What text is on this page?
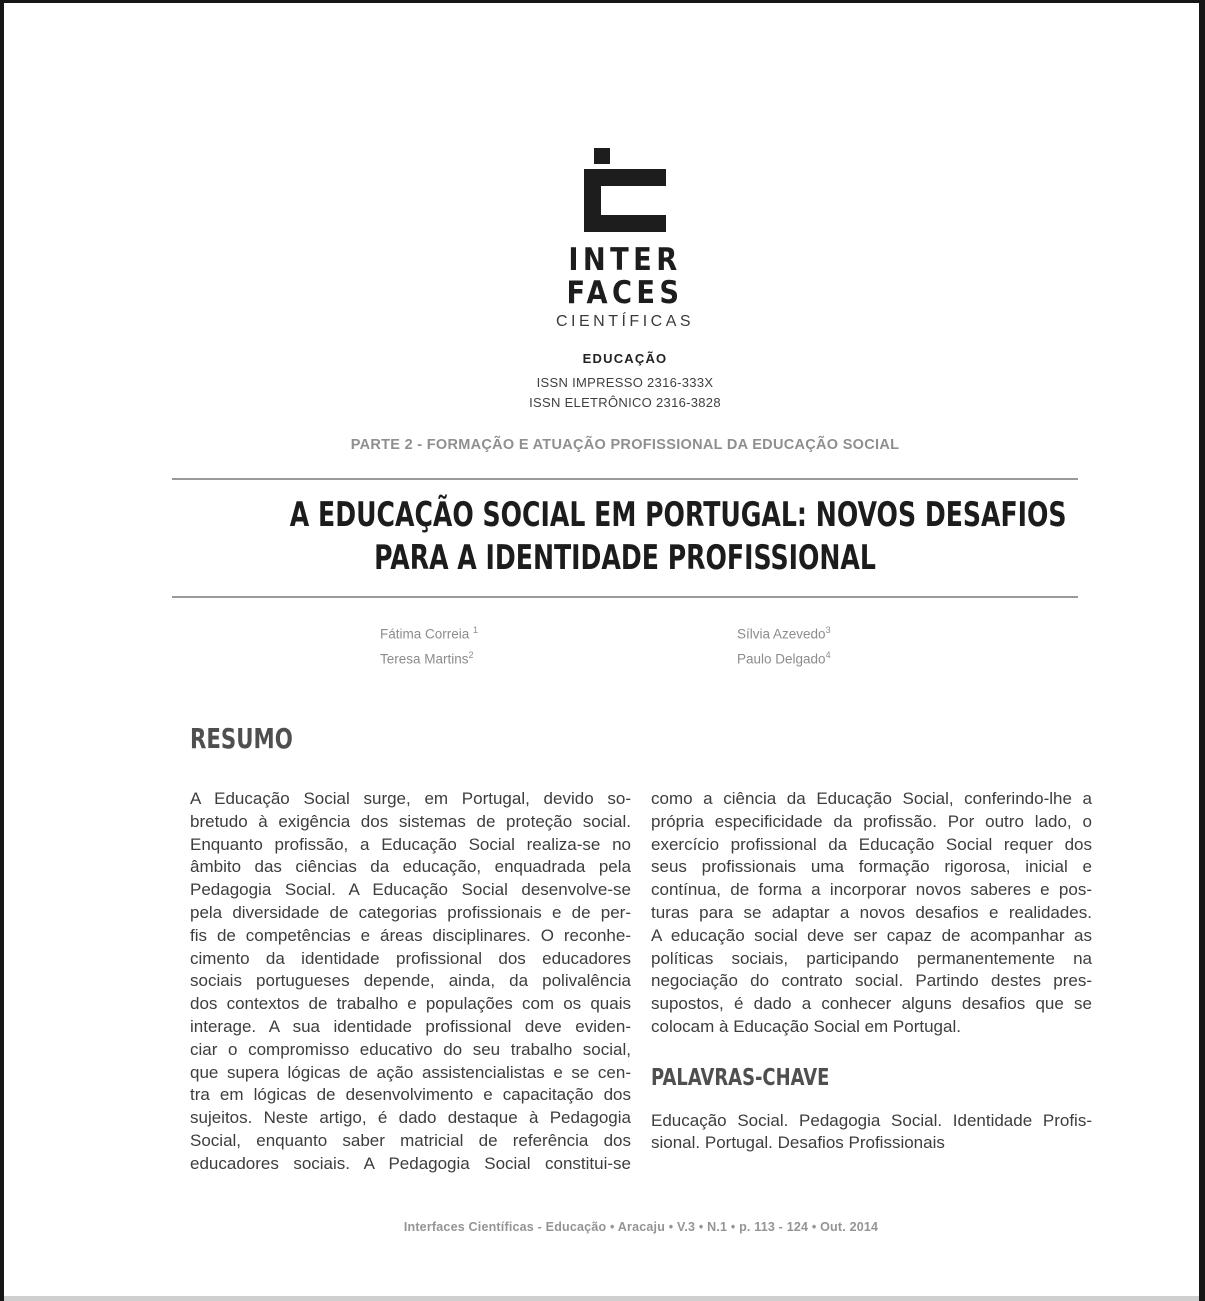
INTER
FACES
CIENTÍFICAS
EDUCAÇÃO
ISSN IMPRESSO 2316-333X
ISSN ELETRÔNICO 2316-3828
PARTE 2 - FORMAÇÃO E ATUAÇÃO PROFISSIONAL DA EDUCAÇÃO SOCIAL
A EDUCAÇÃO SOCIAL EM PORTUGAL: NOVOS DESAFIOS
PARA A IDENTIDADE PROFISSIONAL
Fátima Correia $^1$
Teresa Martins$^2$
Sílvia Azevedo$^3$
Paulo Delgado$^4$
RESUMO
A Educação Social surge, em Portugal, devido so-
bretudo à exigência dos sistemas de proteção social.
Enquanto profissão, a Educação Social realiza-se no
âmbito das ciências da educação, enquadrada pela
Pedagogia Social. A Educação Social desenvolve-se
pela diversidade de categorias profissionais e de per-
fis de competências e áreas disciplinares. O reconhe-
cimento da identidade profissional dos educadores
sociais portugueses depende, ainda, da polivalência
dos contextos de trabalho e populações com os quais
interage. A sua identidade profissional deve eviden-
ciar o compromisso educativo do seu trabalho social,
que supera lógicas de ação assistencialistas e se cen-
tra em lógicas de desenvolvimento e capacitação dos
sujeitos. Neste artigo, é dado destaque à Pedagogia
Social, enquanto saber matricial de referência dos
educadores sociais. A Pedagogia Social constitui-se
como a ciência da Educação Social, conferindo-lhe a
própria especificidade da profissão. Por outro lado, o
exercício profissional da Educação Social requer dos
seus profissionais uma formação rigorosa, inicial e
contínua, de forma a incorporar novos saberes e pos-
turas para se adaptar a novos desafios e realidades.
A educação social deve ser capaz de acompanhar as
políticas sociais, participando permanentemente na
negociação do contrato social. Partindo destes pres-
supostos, é dado a conhecer alguns desafios que se
colocam à Educação Social em Portugal.
PALAVRAS-CHAVE
Educação Social. Pedagogia Social. Identidade Profis-
sional. Portugal. Desafios Profissionais
Interfaces Científicas - Educação • Aracaju • V.3 • N.1 • p. 113 - 124 • Out. 2014
